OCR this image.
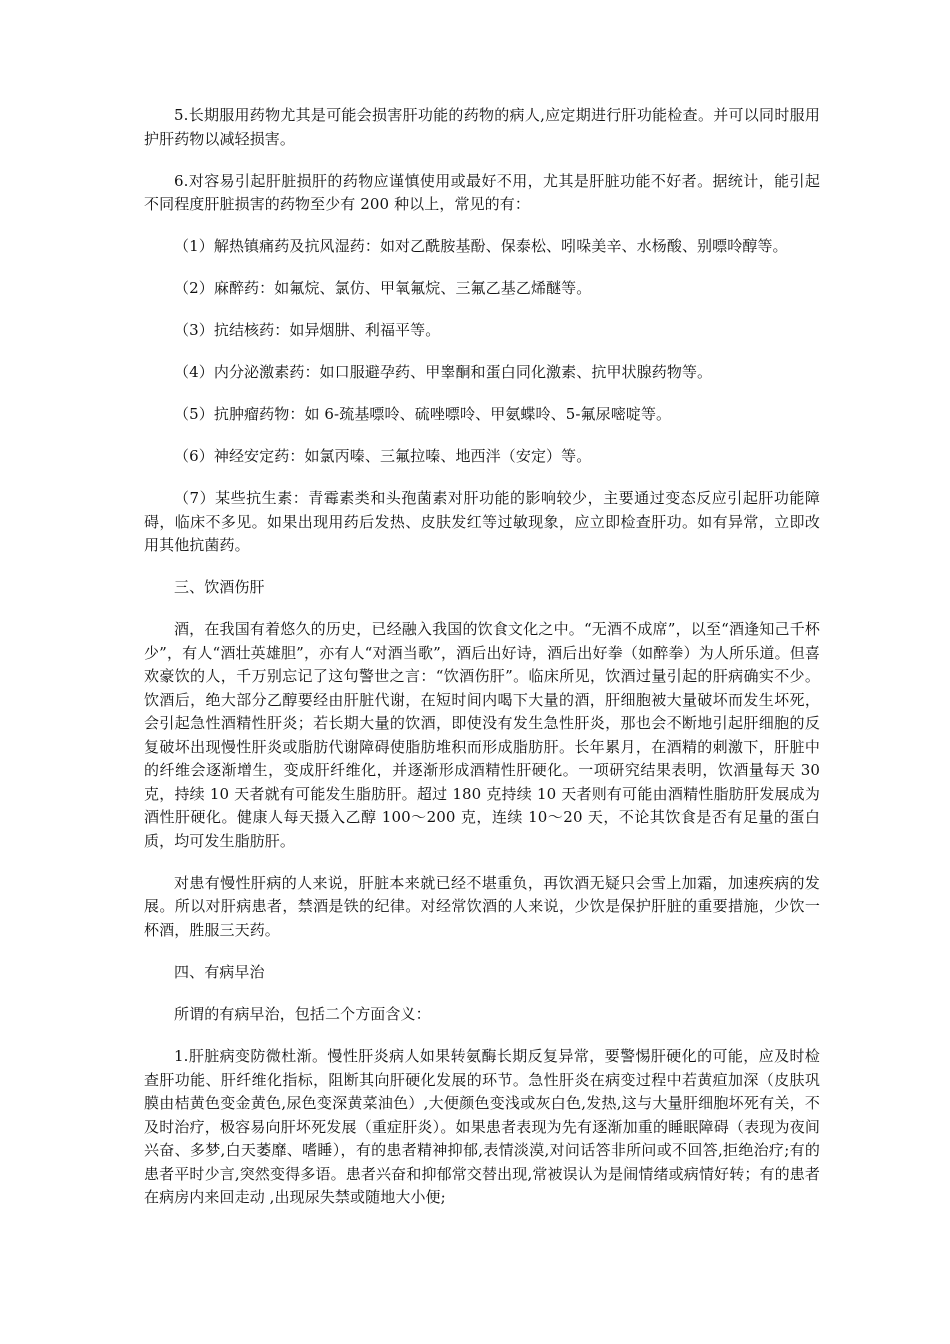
5.长期服用药物尤其是可能会损害肝功能的药物的病人,应定期进行肝功能检查。并可以同时服用护肝药物以减轻损害。

6.对容易引起肝脏损肝的药物应谨慎使用或最好不用，尤其是肝脏功能不好者。据统计，能引起不同程度肝脏损害的药物至少有 200 种以上，常见的有：

（1）解热镇痛药及抗风湿药：如对乙酰胺基酚、保泰松、吲哚美辛、水杨酸、别嘌呤醇等。

（2）麻醉药：如氟烷、氯仿、甲氧氟烷、三氟乙基乙烯醚等。

（3）抗结核药：如异烟肼、利福平等。

（4）内分泌激素药：如口服避孕药、甲睾酮和蛋白同化激素、抗甲状腺药物等。

（5）抗肿瘤药物：如 6-巯基嘌呤、硫唑嘌呤、甲氨蝶呤、5-氟尿嘧啶等。

（6）神经安定药：如氯丙嗪、三氟拉嗪、地西泮（安定）等。

（7）某些抗生素：青霉素类和头孢菌素对肝功能的影响较少，主要通过变态反应引起肝功能障碍，临床不多见。如果出现用药后发热、皮肤发红等过敏现象，应立即检查肝功。如有异常，立即改用其他抗菌药。

三、饮酒伤肝

酒，在我国有着悠久的历史，已经融入我国的饮食文化之中。“无酒不成席”，以至“酒逢知己千杯少”，有人“酒壮英雄胆”，亦有人“对酒当歌”，酒后出好诗，酒后出好拳（如醉拳）为人所乐道。但喜欢豪饮的人，千万别忘记了这句警世之言：“饮酒伤肝”。临床所见，饮酒过量引起的肝病确实不少。饮酒后，绝大部分乙醇要经由肝脏代谢，在短时间内喝下大量的酒，肝细胞被大量破坏而发生坏死，会引起急性酒精性肝炎；若长期大量的饮酒，即使没有发生急性肝炎，那也会不断地引起肝细胞的反复破坏出现慢性肝炎或脂肪代谢障碍使脂肪堆积而形成脂肪肝。长年累月，在酒精的刺激下，肝脏中的纤维会逐渐增生，变成肝纤维化，并逐渐形成酒精性肝硬化。一项研究结果表明，饮酒量每天 30 克，持续 10 天者就有可能发生脂肪肝。超过 180 克持续 10 天者则有可能由酒精性脂肪肝发展成为酒性肝硬化。健康人每天摄入乙醇 100～200 克，连续 10～20 天，不论其饮食是否有足量的蛋白质，均可发生脂肪肝。

对患有慢性肝病的人来说，肝脏本来就已经不堪重负，再饮酒无疑只会雪上加霜，加速疾病的发展。所以对肝病患者，禁酒是铁的纪律。对经常饮酒的人来说，少饮是保护肝脏的重要措施，少饮一杯酒，胜服三天药。

四、有病早治

所谓的有病早治，包括二个方面含义：

1.肝脏病变防微杜渐。慢性肝炎病人如果转氨酶长期反复异常，要警惕肝硬化的可能，应及时检查肝功能、肝纤维化指标，阻断其向肝硬化发展的环节。急性肝炎在病变过程中若黄疸加深（皮肤巩膜由桔黄色变金黄色,尿色变深黄菜油色）,大便颜色变浅或灰白色,发热,这与大量肝细胞坏死有关，不及时治疗，极容易向肝坏死发展（重症肝炎）。如果患者表现为先有逐渐加重的睡眠障碍（表现为夜间兴奋、多梦,白天萎靡、嗜睡），有的患者精神抑郁,表情淡漠,对问话答非所问或不回答,拒绝治疗;有的患者平时少言,突然变得多语。患者兴奋和抑郁常交替出现,常被误认为是闹情绪或病情好转；有的患者在病房内来回走动 ,出现尿失禁或随地大小便;
